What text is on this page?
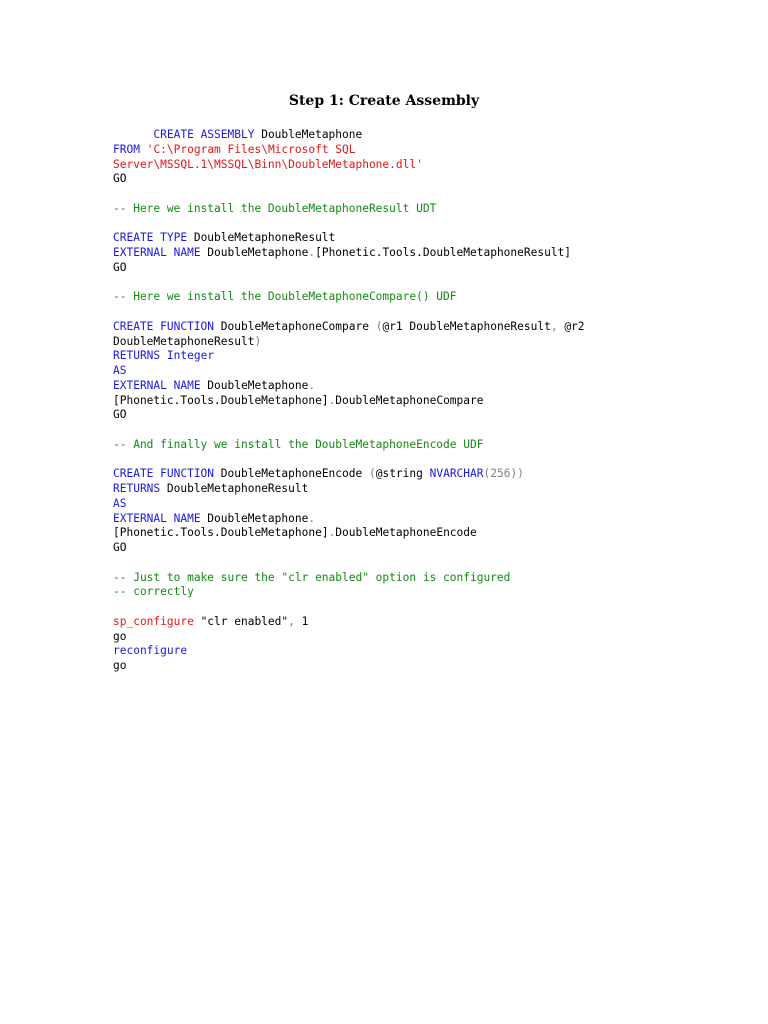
Step 1: Create Assembly
CREATE ASSEMBLY DoubleMetaphone
FROM 'C:\Program Files\Microsoft SQL
Server\MSSQL.1\MSSQL\Binn\DoubleMetaphone.dll'
GO
-- Here we install the DoubleMetaphoneResult UDT
CREATE TYPE DoubleMetaphoneResult
EXTERNAL NAME DoubleMetaphone.[Phonetic.Tools.DoubleMetaphoneResult]
GO
-- Here we install the DoubleMetaphoneCompare() UDF
CREATE FUNCTION DoubleMetaphoneCompare (@r1 DoubleMetaphoneResult, @r2
DoubleMetaphoneResult)
RETURNS Integer
AS
EXTERNAL NAME DoubleMetaphone.
[Phonetic.Tools.DoubleMetaphone].DoubleMetaphoneCompare
GO
-- And finally we install the DoubleMetaphoneEncode UDF
CREATE FUNCTION DoubleMetaphoneEncode (@string NVARCHAR(256))
RETURNS DoubleMetaphoneResult
AS
EXTERNAL NAME DoubleMetaphone.
[Phonetic.Tools.DoubleMetaphone].DoubleMetaphoneEncode
GO
-- Just to make sure the "clr enabled" option is configured
-- correctly
sp_configure "clr enabled", 1
go
reconfigure
go
